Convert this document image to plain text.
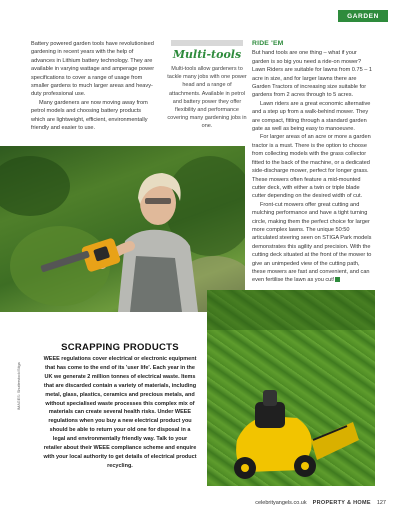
GARDEN

Battery powered garden tools have revolutionised gardening in recent years with the help of advances in Lithium battery technology. They are available in varying wattage and amperage power specifications to cover a range of usage from smaller gardens to much larger areas and heavy-duty professional use.

Many gardeners are now moving away from petrol models and choosing battery products which are lightweight, efficient, environmentally friendly and easier to use.

Multi-tools

Multi-tools allow gardeners to tackle many jobs with one power head and a range of attachments. Available in petrol and battery power they offer flexibility and performance covering many gardening jobs in one.

RIDE 'EM

But hand tools are one thing – what if your garden is so big you need a ride-on mower? Lawn Riders are suitable for lawns from 0.75 – 1 acre in size, and for larger lawns there are Garden Tractors of increasing size suitable for gardens from 2 acres through to 5 acres.

Lawn riders are a great economic alternative and a step up from a walk-behind mower. They are compact, fitting through a standard garden gate as well as being easy to manoeuvre.

For larger areas of an acre or more a garden tractor is a must. There is the option to choose from collecting models with the grass collector fitted to the back of the machine, or a dedicated side-discharge mower, perfect for longer grass. These mowers often feature a mid-mounted cutter deck, with either a twin or triple blade cutter depending on the desired width of cut.

Front-cut mowers offer great cutting and mulching performance and have a tight turning circle, making them the perfect choice for larger more complex lawns. The unique 50:50 articulated steering seen on STIGA Park models demonstrates this agility and precision. With the cutting deck situated at the front of the mower to give an unimpeded view of the cutting path, these mowers are fast and convenient, and can even fertilise the lawn as you cut!

SCRAPPING PRODUCTS

WEEE regulations cover electrical or electronic equipment that has come to the end of its 'user life'. Each year in the UK we generate 2 million tonnes of electrical waste. Items that are discarded contain a variety of materials, including metal, glass, plastics, ceramics and precious metals, and without specialised waste processes this complex mix of materials can create several health risks. Under WEEE regulations when you buy a new electrical product you should be able to return your old one for disposal in a legal and environmentally friendly way. Talk to your retailer about their WEEE compliance scheme and enquire with your local authority to get details of electrical product recycling.

IMAGES: Shutterstock/Stiga
celebrityangels.co.uk PROPERTY & HOME 127
